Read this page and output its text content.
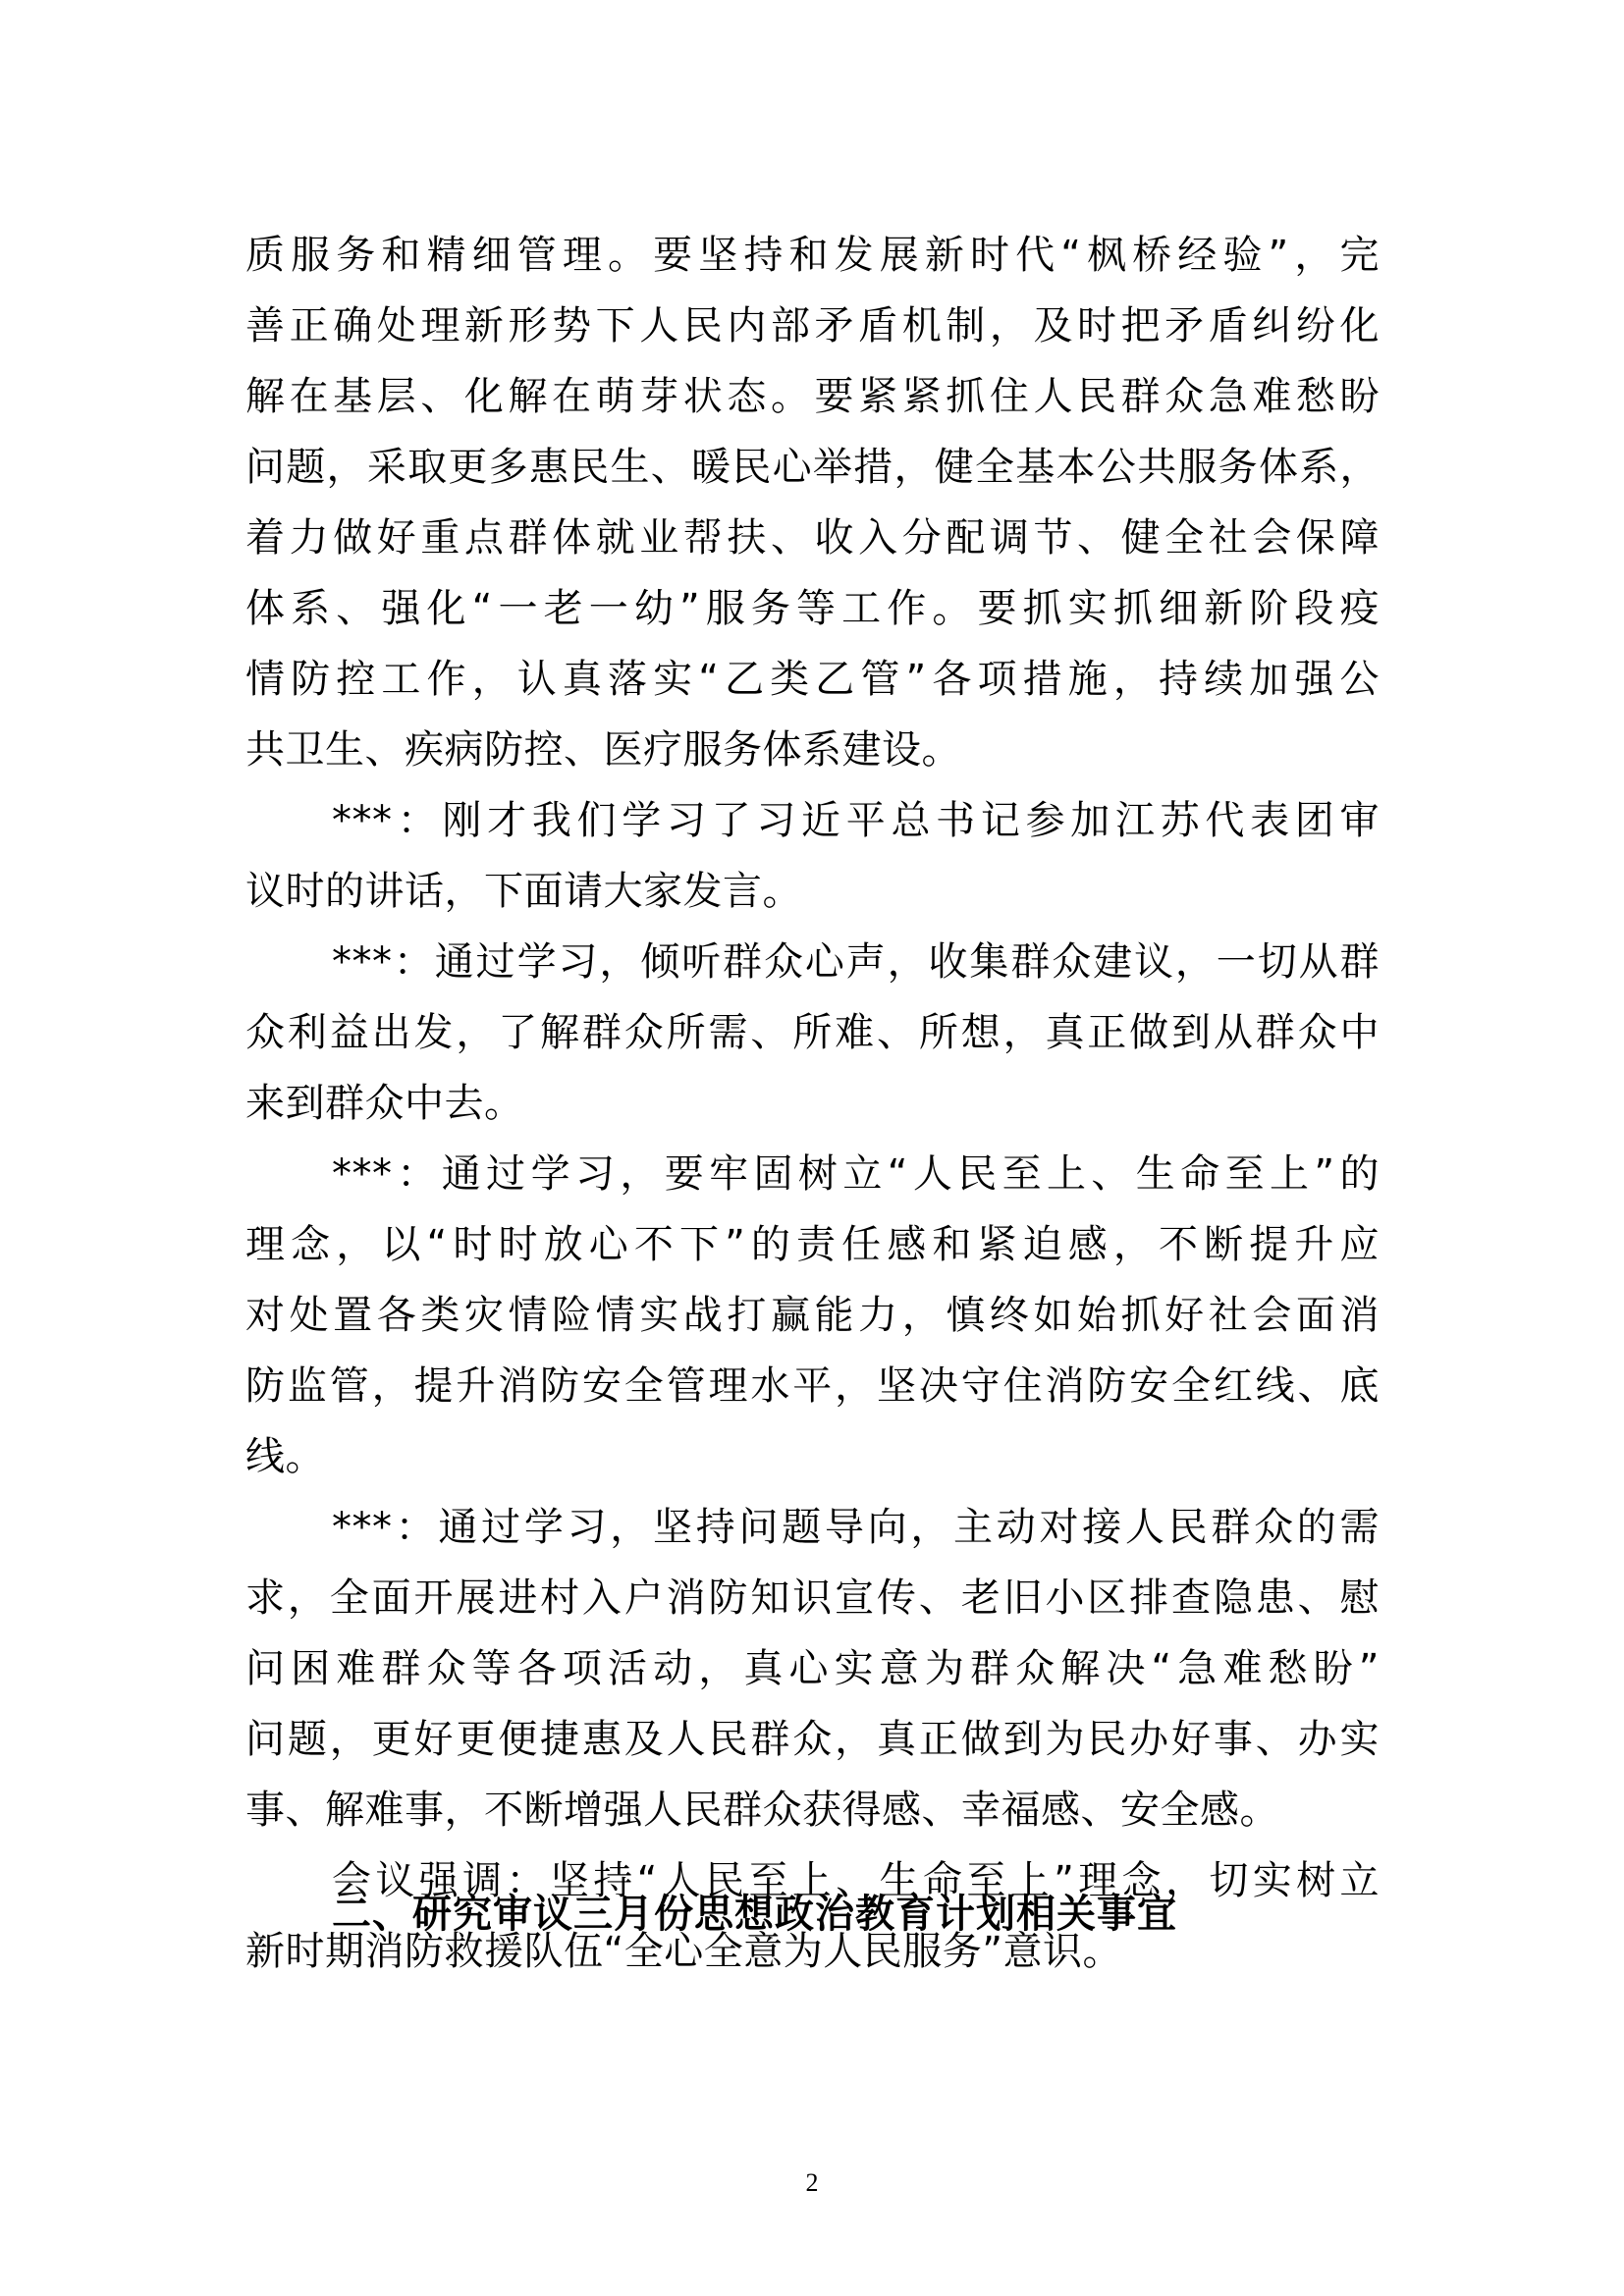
质服务和精细管理。要坚持和发展新时代“枫桥经验”，完
善正确处理新形势下人民内部矛盾机制，及时把矛盾纠纷化
解在基层、化解在萌芽状态。要紧紧抓住人民群众急难愁盼
问题，采取更多惠民生、暖民心举措，健全基本公共服务体系，
着力做好重点群体就业帮扶、收入分配调节、健全社会保障
体系、强化“一老一幼”服务等工作。要抓实抓细新阶段疫
情防控工作，认真落实“乙类乙管”各项措施，持续加强公
共卫生、疾病防控、医疗服务体系建设。
***：刚才我们学习了习近平总书记参加江苏代表团审
议时的讲话，下面请大家发言。
***：通过学习，倾听群众心声，收集群众建议，一切从群
众利益出发，了解群众所需、所难、所想，真正做到从群众中
来到群众中去。
***：通过学习，要牢固树立“人民至上、生命至上”的
理念，以“时时放心不下”的责任感和紧迫感，不断提升应
对处置各类灾情险情实战打赢能力，慎终如始抓好社会面消
防监管，提升消防安全管理水平，坚决守住消防安全红线、底
线。
***：通过学习，坚持问题导向，主动对接人民群众的需
求，全面开展进村入户消防知识宣传、老旧小区排查隐患、慰
问困难群众等各项活动，真心实意为群众解决“急难愁盼”
问题，更好更便捷惠及人民群众，真正做到为民办好事、办实
事、解难事，不断增强人民群众获得感、幸福感、安全感。
会议强调：坚持“人民至上、生命至上”理念，切实树立
新时期消防救援队伍“全心全意为人民服务”意识。
二、研究审议三月份思想政治教育计划相关事宜
2
